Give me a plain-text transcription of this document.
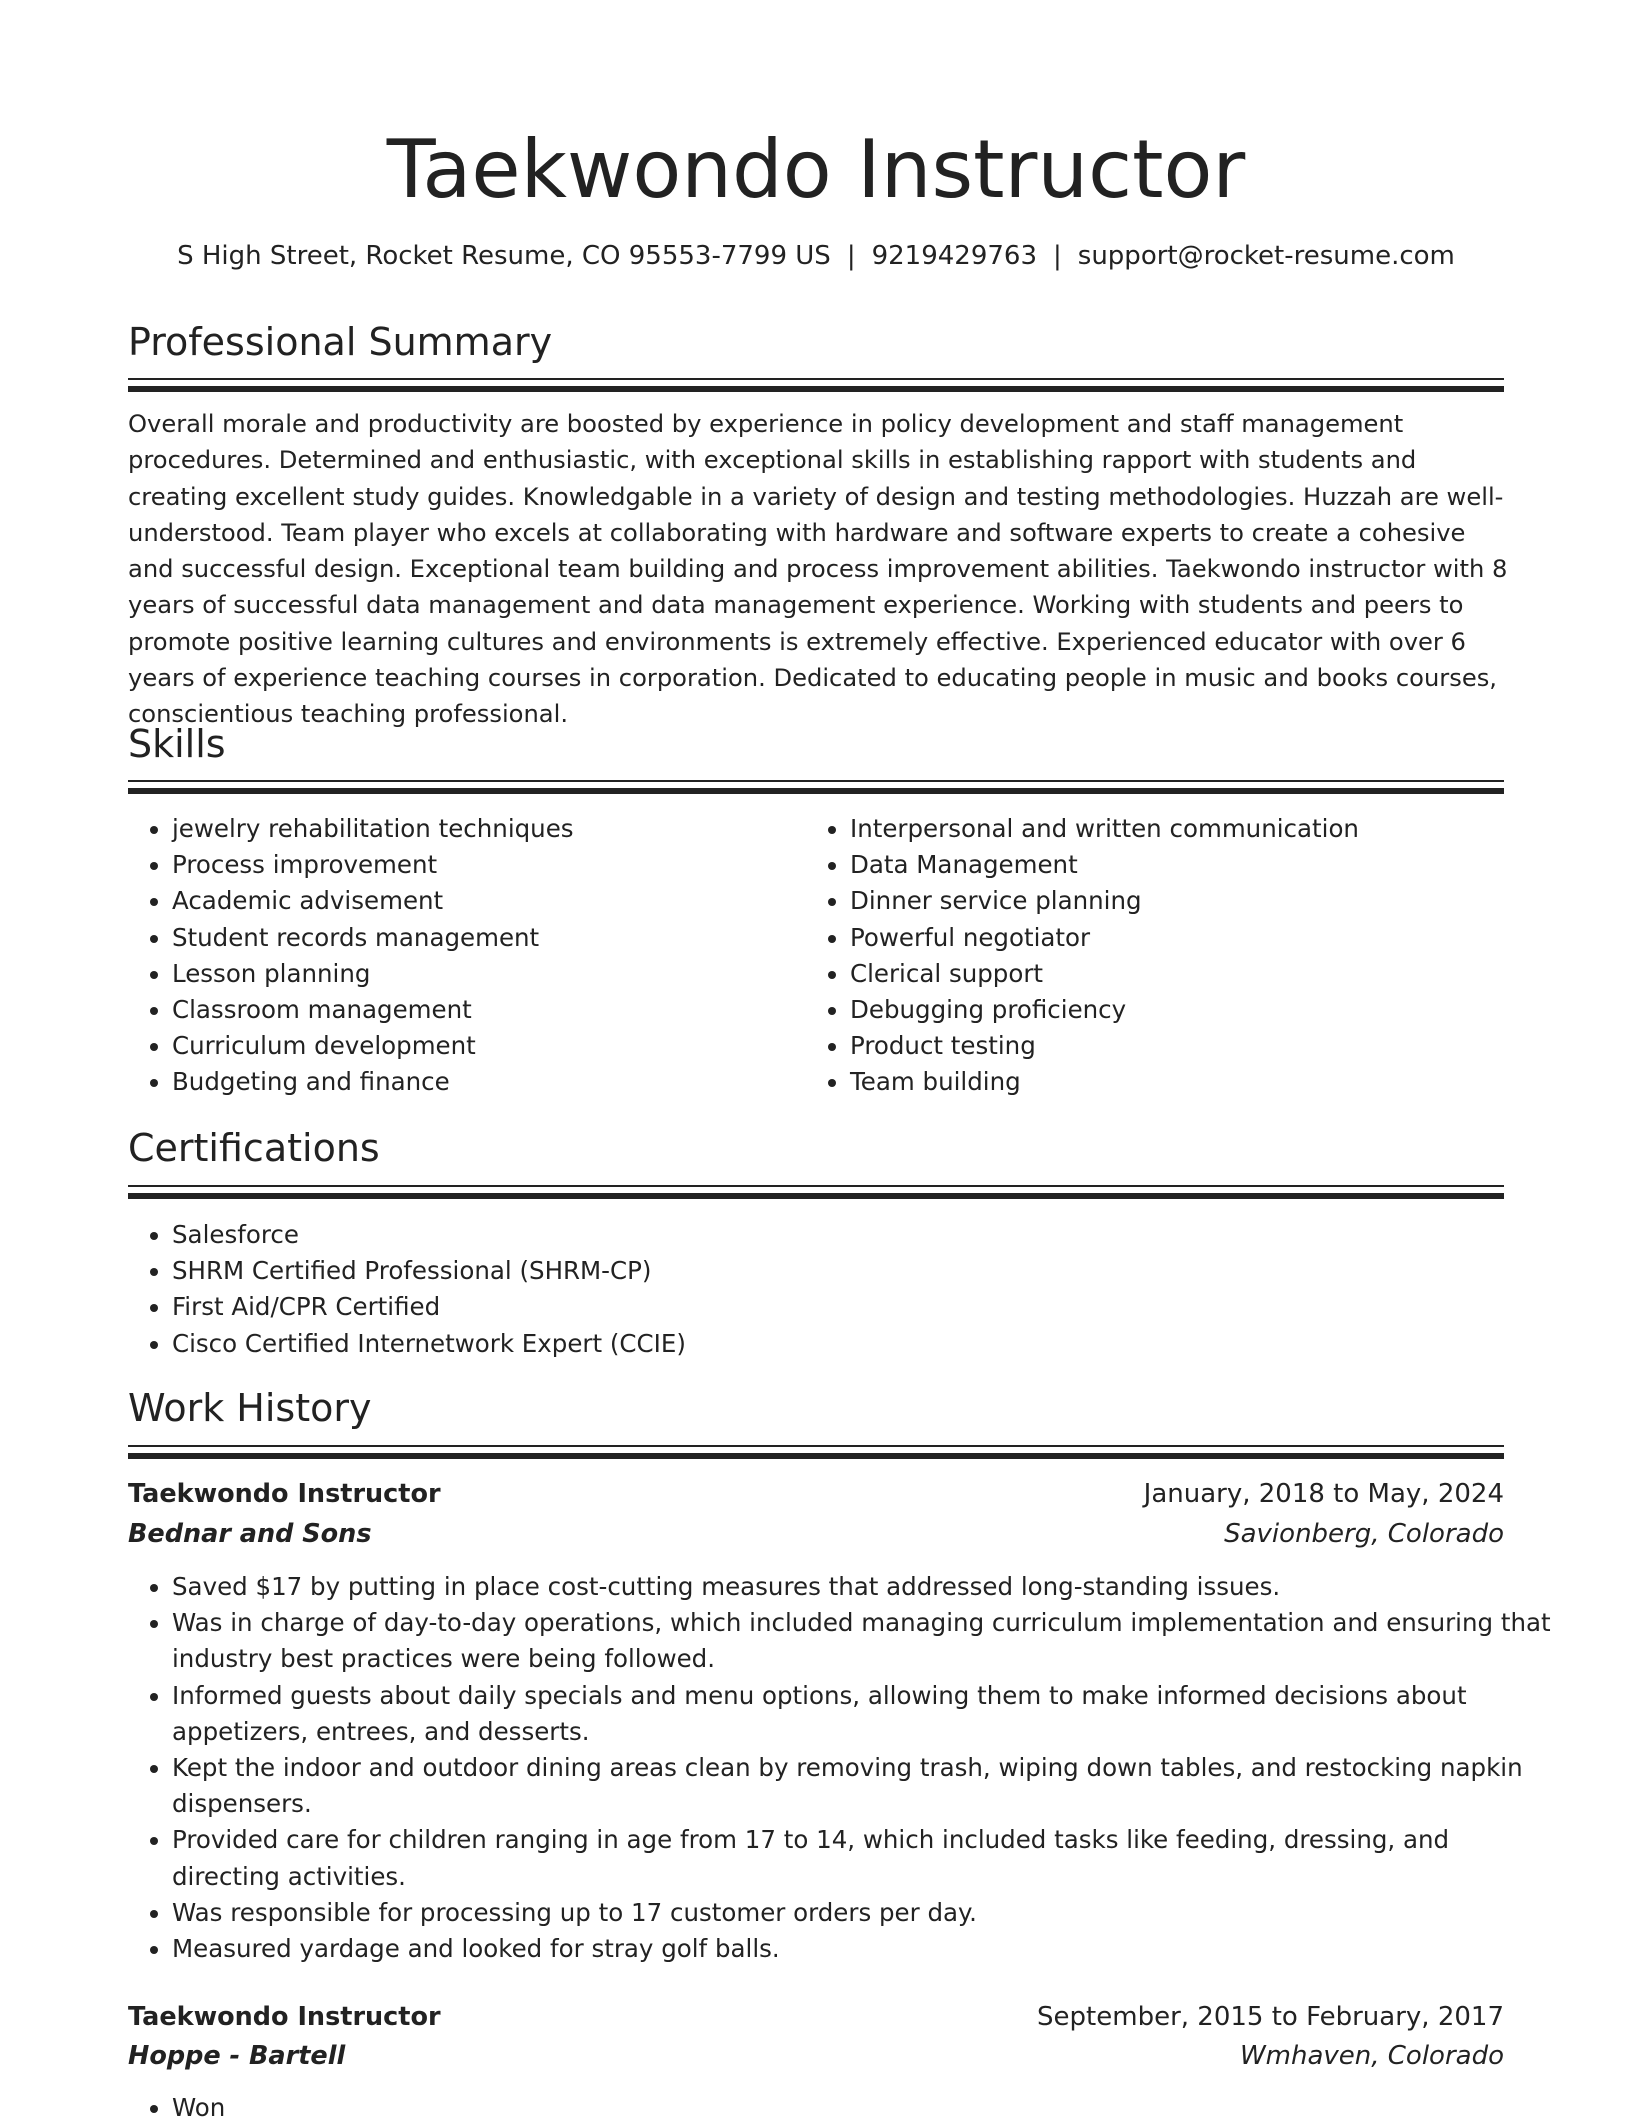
Taekwondo Instructor
S High Street, Rocket Resume, CO 95553-7799 US | 9219429763 | support@rocket-resume.com
Professional Summary

Overall morale and productivity are boosted by experience in policy development and staff management procedures. Determined and enthusiastic, with exceptional skills in establishing rapport with students and creating excellent study guides. Knowledgable in a variety of design and testing methodologies. Huzzah are well-understood. Team player who excels at collaborating with hardware and software experts to create a cohesive and successful design. Exceptional team building and process improvement abilities. Taekwondo instructor with 8 years of successful data management and data management experience. Working with students and peers to promote positive learning cultures and environments is extremely effective. Experienced educator with over 6 years of experience teaching courses in corporation. Dedicated to educating people in music and books courses, conscientious teaching professional.

Skills
• jewelry rehabilitation techniques
• Process improvement
• Academic advisement
• Student records management
• Lesson planning
• Classroom management
• Curriculum development
• Budgeting and finance
• Interpersonal and written communication
• Data Management
• Dinner service planning
• Powerful negotiator
• Clerical support
• Debugging proficiency
• Product testing
• Team building
Certifications
• Salesforce
• SHRM Certified Professional (SHRM-CP)
• First Aid/CPR Certified
• Cisco Certified Internetwork Expert (CCIE)
Work History
Taekwondo Instructor	January, 2018 to May, 2024
Bednar and Sons	Savionberg, Colorado
• Saved $17 by putting in place cost-cutting measures that addressed long-standing issues.
• Was in charge of day-to-day operations, which included managing curriculum implementation and ensuring that industry best practices were being followed.
• Informed guests about daily specials and menu options, allowing them to make informed decisions about appetizers, entrees, and desserts.
• Kept the indoor and outdoor dining areas clean by removing trash, wiping down tables, and restocking napkin dispensers.
• Provided care for children ranging in age from 17 to 14, which included tasks like feeding, dressing, and directing activities.
• Was responsible for processing up to 17 customer orders per day.
• Measured yardage and looked for stray golf balls.
Taekwondo Instructor	September, 2015 to February, 2017
Hoppe - Bartell	Wmhaven, Colorado
• Won
